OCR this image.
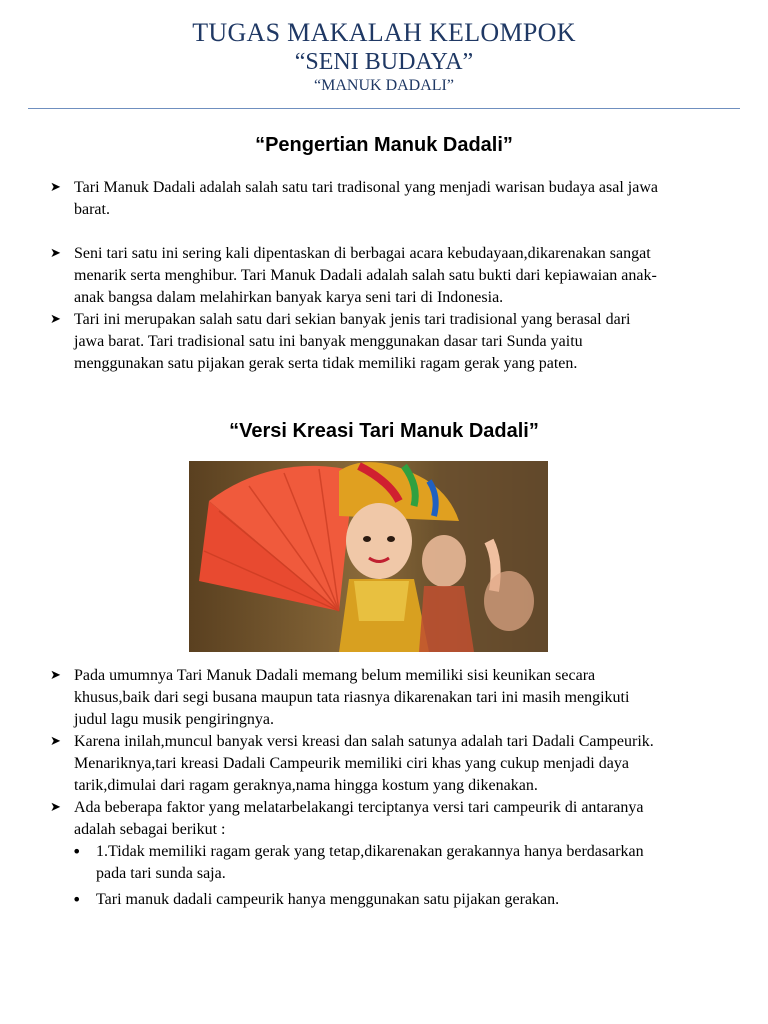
TUGAS MAKALAH KELOMPOK
“SENI BUDAYA”
“MANUK DADALI”
“Pengertian Manuk Dadali”
➤ Tari Manuk Dadali adalah salah satu tari tradisonal yang menjadi warisan budaya asal jawa
barat.
➤ Seni tari satu ini sering kali dipentaskan di berbagai acara kebudayaan,dikarenakan sangat
menarik serta menghibur. Tari Manuk Dadali adalah salah satu bukti dari kepiawaian anak-
anak bangsa dalam melahirkan banyak karya seni tari di Indonesia.
➤ Tari ini merupakan salah satu dari sekian banyak jenis tari tradisional yang berasal dari
jawa barat. Tari tradisional satu ini banyak menggunakan dasar tari Sunda yaitu
menggunakan satu pijakan gerak serta tidak memiliki ragam gerak yang paten.
“Versi Kreasi Tari Manuk Dadali”
➤ Pada umumnya Tari Manuk Dadali memang belum memiliki sisi keunikan secara
khusus,baik dari segi busana maupun tata riasnya dikarenakan tari ini masih mengikuti
judul lagu musik pengiringnya.
➤ Karena inilah,muncul banyak versi kreasi dan salah satunya adalah tari Dadali Campeurik.
Menariknya,tari kreasi Dadali Campeurik memiliki ciri khas yang cukup menjadi daya
tarik,dimulai dari ragam geraknya,nama hingga kostum yang dikenakan.
➤ Ada beberapa faktor yang melatarbelakangi terciptanya versi tari campeurik di antaranya
adalah sebagai berikut :
• 1.Tidak memiliki ragam gerak yang tetap,dikarenakan gerakannya hanya berdasarkan
pada tari sunda saja.
• Tari manuk dadali campeurik hanya menggunakan satu pijakan gerakan.
